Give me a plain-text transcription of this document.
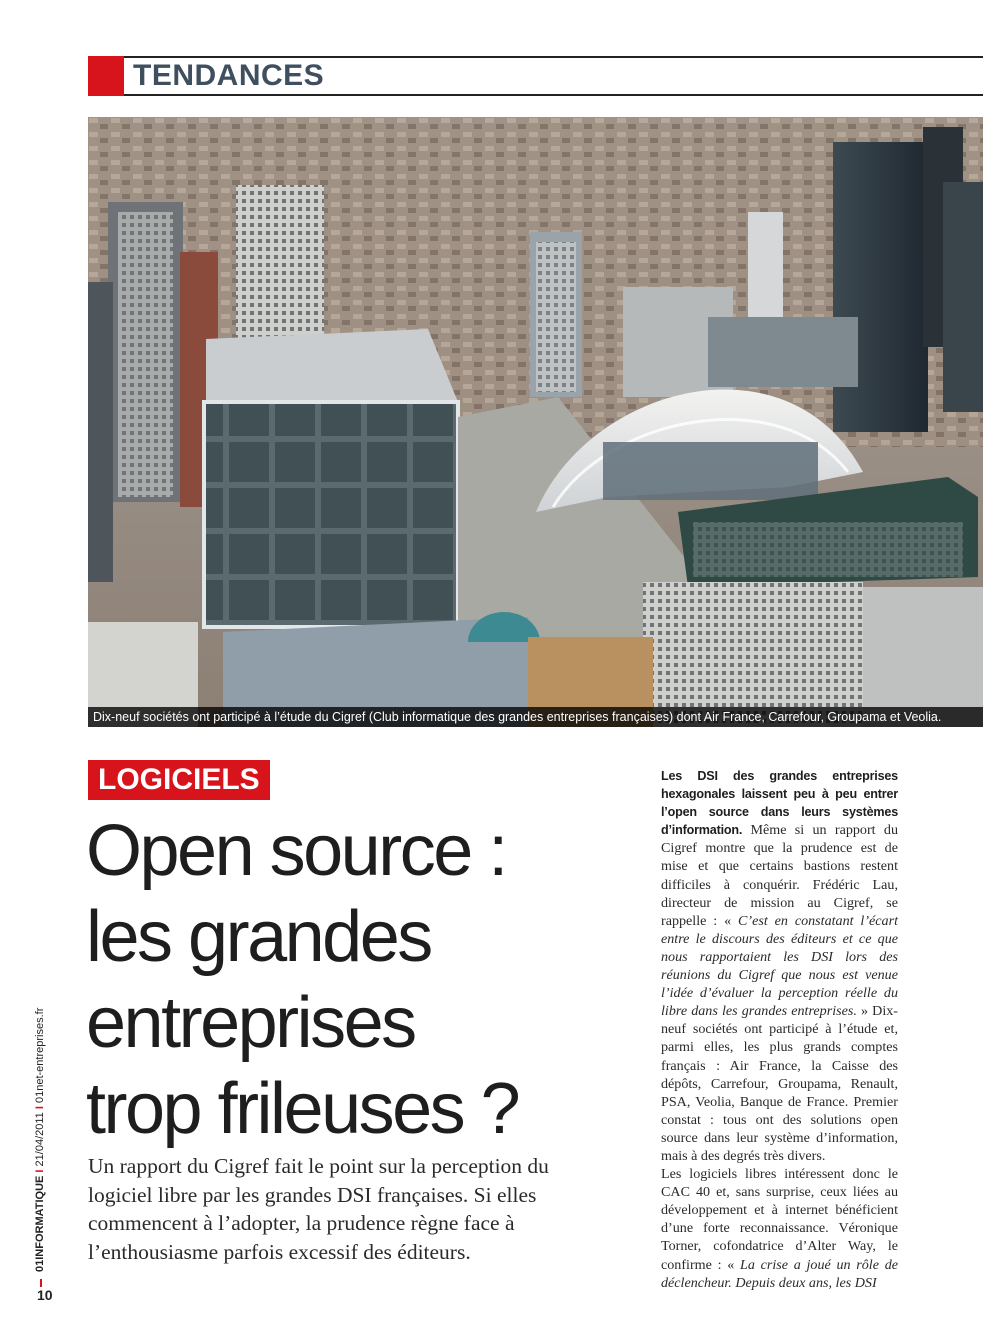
TENDANCES
Dix-neuf sociétés ont participé à l’étude du Cigref (Club informatique des grandes entreprises françaises) dont Air France, Carrefour, Groupama et Veolia.
LOGICIELS
Open source :
les grandes
entreprises
trop frileuses ?
Un rapport du Cigref fait le point sur la perception du logiciel libre par les grandes DSI françaises. Si elles commencent à l’adopter, la prudence règne face à l’enthousiasme parfois excessif des éditeurs.

Les DSI des grandes entreprises hexagonales laissent peu à peu entrer l’open source dans leurs systèmes d’information. Même si un rapport du Cigref montre que la prudence est de mise et que certains bastions restent difficiles à conquérir. Frédéric Lau, directeur de mission au Cigref, se rappelle : « C’est en constatant l’écart entre le discours des éditeurs et ce que nous rapportaient les DSI lors des réunions du Cigref que nous est venue l’idée d’évaluer la perception réelle du libre dans les grandes entreprises. » Dix-neuf sociétés ont participé à l’étude et, parmi elles, les plus grands comptes français : Air France, la Caisse des dépôts, Carrefour, Groupama, Renault, PSA, Veolia, Banque de France. Premier constat : tous ont des solutions open source dans leur système d’information, mais à des degrés très divers.

Les logiciels libres intéressent donc le CAC 40 et, sans surprise, ceux liées au développement et à internet bénéficient d’une forte reconnaissance. Véronique Torner, cofondatrice d’Alter Way, le confirme : « La crise a joué un rôle de déclencheur. Depuis deux ans, les DSI

01INFORMATIQUE I 21/04/2011 I 01net-entreprises.fr
10
